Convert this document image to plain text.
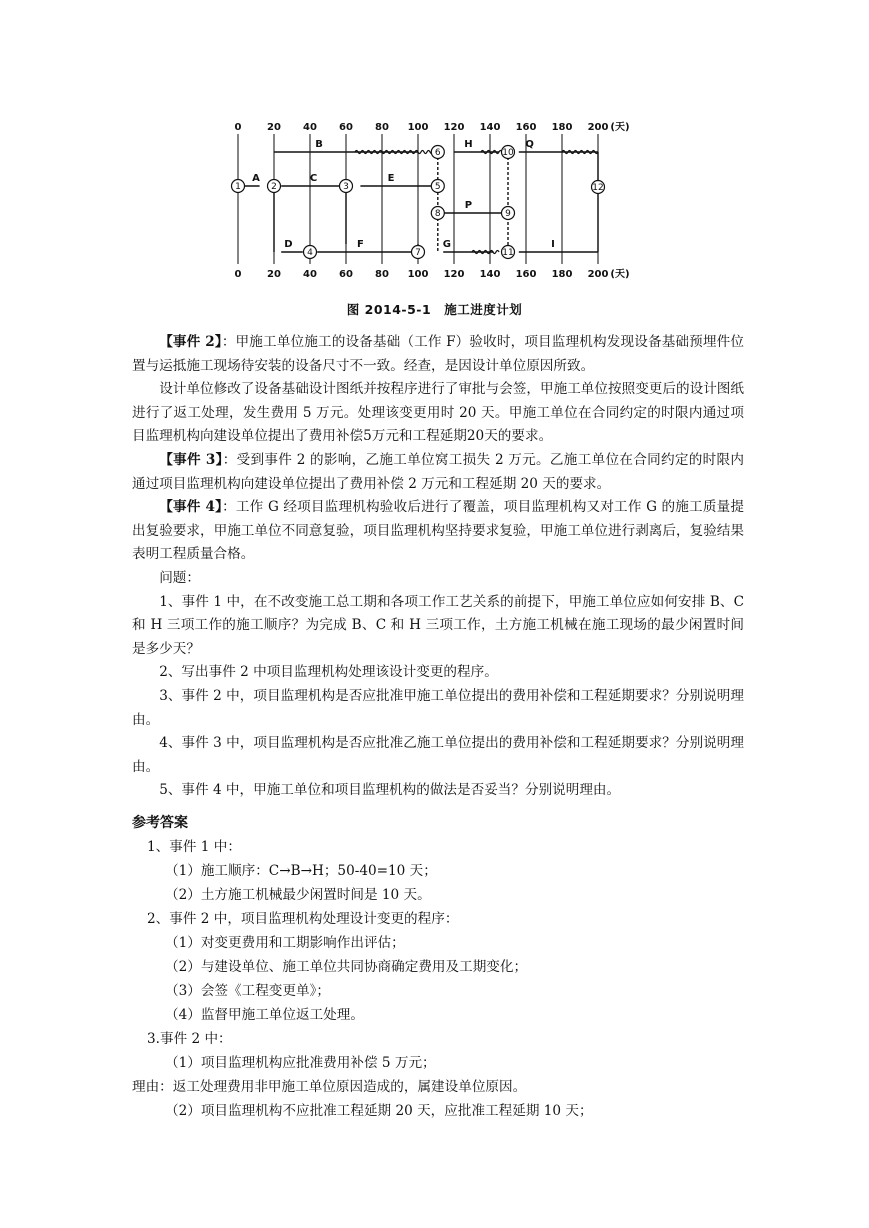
0
0
20
20
40
40
60
60
80
80
100
100
120
120
140
140
160
160
180
180
200
200
(天)
(天)
1	2	3
4
5
6
7
8	9
10
11
12
A
B
C
D
E
F	G
H
P
Q
I
图 2014-5-1　施工进度计划

【事件 2】：甲施工单位施工的设备基础（工作 F）验收时，项目监理机构发现设备基础预埋件位置与运抵施工现场待安装的设备尺寸不一致。经查，是因设计单位原因所致。

设计单位修改了设备基础设计图纸并按程序进行了审批与会签，甲施工单位按照变更后的设计图纸进行了返工处理，发生费用 5 万元。处理该变更用时 20 天。甲施工单位在合同约定的时限内通过项目监理机构向建设单位提出了费用补偿5万元和工程延期20天的要求。

【事件 3】：受到事件 2 的影响，乙施工单位窝工损失 2 万元。乙施工单位在合同约定的时限内通过项目监理机构向建设单位提出了费用补偿 2 万元和工程延期 20 天的要求。

【事件 4】：工作 G 经项目监理机构验收后进行了覆盖，项目监理机构又对工作 G 的施工质量提出复验要求，甲施工单位不同意复验，项目监理机构坚持要求复验，甲施工单位进行剥离后，复验结果表明工程质量合格。

问题：

1、事件 1 中，在不改变施工总工期和各项工作工艺关系的前提下，甲施工单位应如何安排 B、C 和 H 三项工作的施工顺序？为完成 B、C 和 H 三项工作，土方施工机械在施工现场的最少闲置时间是多少天？

2、写出事件 2 中项目监理机构处理该设计变更的程序。

3、事件 2 中，项目监理机构是否应批准甲施工单位提出的费用补偿和工程延期要求？分别说明理由。

4、事件 3 中，项目监理机构是否应批准乙施工单位提出的费用补偿和工程延期要求？分别说明理由。

5、事件 4 中，甲施工单位和项目监理机构的做法是否妥当？分别说明理由。

参考答案

1、事件 1 中：

（1）施工顺序：C→B→H；50-40=10 天；

（2）土方施工机械最少闲置时间是 10 天。

2、事件 2 中，项目监理机构处理设计变更的程序：

（1）对变更费用和工期影响作出评估；

（2）与建设单位、施工单位共同协商确定费用及工期变化；

（3）会签《工程变更单》；

（4）监督甲施工单位返工处理。

3.事件 2 中：

（1）项目监理机构应批准费用补偿 5 万元；

理由：返工处理费用非甲施工单位原因造成的，属建设单位原因。

（2）项目监理机构不应批准工程延期 20 天，应批准工程延期 10 天；
